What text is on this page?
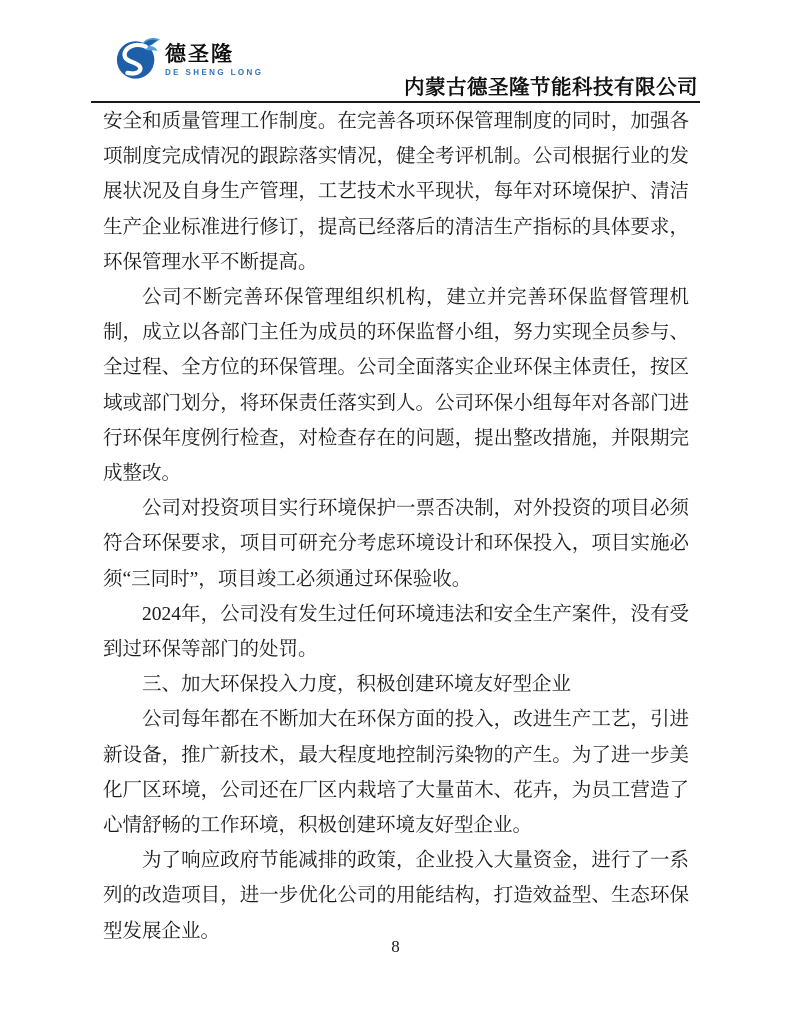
德圣隆
DE SHENG LONG
内蒙古德圣隆节能科技有限公司

安全和质量管理工作制度。在完善各项环保管理制度的同时，加强各项制度完成情况的跟踪落实情况，健全考评机制。公司根据行业的发展状况及自身生产管理，工艺技术水平现状，每年对环境保护、清洁生产企业标准进行修订，提高已经落后的清洁生产指标的具体要求，环保管理水平不断提高。

公司不断完善环保管理组织机构，建立并完善环保监督管理机制，成立以各部门主任为成员的环保监督小组，努力实现全员参与、全过程、全方位的环保管理。公司全面落实企业环保主体责任，按区域或部门划分，将环保责任落实到人。公司环保小组每年对各部门进行环保年度例行检查，对检查存在的问题，提出整改措施，并限期完成整改。

公司对投资项目实行环境保护一票否决制，对外投资的项目必须符合环保要求，项目可研充分考虑环境设计和环保投入，项目实施必须“三同时”，项目竣工必须通过环保验收。

2024年，公司没有发生过任何环境违法和安全生产案件，没有受到过环保等部门的处罚。

三、加大环保投入力度，积极创建环境友好型企业

公司每年都在不断加大在环保方面的投入，改进生产工艺，引进新设备，推广新技术，最大程度地控制污染物的产生。为了进一步美化厂区环境，公司还在厂区内栽培了大量苗木、花卉，为员工营造了心情舒畅的工作环境，积极创建环境友好型企业。

为了响应政府节能减排的政策，企业投入大量资金，进行了一系列的改造项目，进一步优化公司的用能结构，打造效益型、生态环保型发展企业。

8
